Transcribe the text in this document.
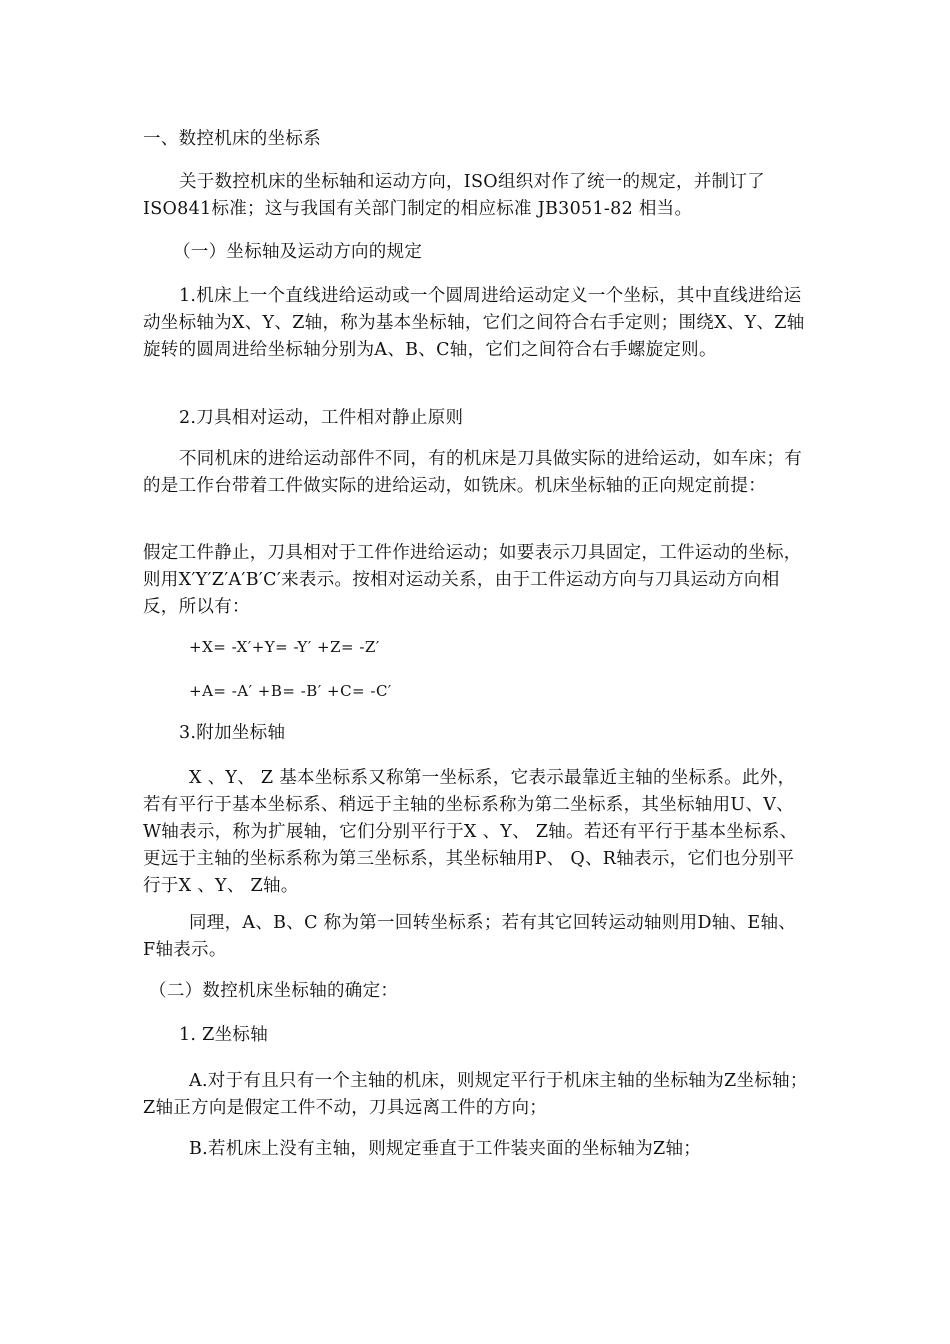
一、数控机床的坐标系

关于数控机床的坐标轴和运动方向，ISO组织对作了统一的规定，并制订了ISO841标准；这与我国有关部门制定的相应标准 JB3051-82 相当。

（一）坐标轴及运动方向的规定

1.机床上一个直线进给运动或一个圆周进给运动定义一个坐标，其中直线进给运动坐标轴为X、Y、Z轴，称为基本坐标轴，它们之间符合右手定则；围绕X、Y、Z轴旋转的圆周进给坐标轴分别为A、B、C轴，它们之间符合右手螺旋定则。

2.刀具相对运动，工件相对静止原则

不同机床的进给运动部件不同，有的机床是刀具做实际的进给运动，如车床；有的是工作台带着工件做实际的进给运动，如铣床。机床坐标轴的正向规定前提：

假定工件静止，刀具相对于工件作进给运动；如要表示刀具固定，工件运动的坐标，则用X′Y′Z′A′B′C′来表示。按相对运动关系，由于工件运动方向与刀具运动方向相反，所以有：

+X= -X′+Y= -Y′ +Z= -Z′

+A= -A′ +B= -B′ +C= -C′

3.附加坐标轴

X 、Y、 Z 基本坐标系又称第一坐标系，它表示最靠近主轴的坐标系。此外，若有平行于基本坐标系、稍远于主轴的坐标系称为第二坐标系，其坐标轴用U、V、W轴表示，称为扩展轴，它们分别平行于X 、Y、 Z轴。若还有平行于基本坐标系、更远于主轴的坐标系称为第三坐标系，其坐标轴用P、 Q、R轴表示，它们也分别平行于X 、Y、 Z轴。

同理，A、B、C 称为第一回转坐标系；若有其它回转运动轴则用D轴、E轴、F轴表示。

（二）数控机床坐标轴的确定：

1. Z坐标轴

A.对于有且只有一个主轴的机床，则规定平行于机床主轴的坐标轴为Z坐标轴；Z轴正方向是假定工件不动，刀具远离工件的方向；

B.若机床上没有主轴，则规定垂直于工件装夹面的坐标轴为Z轴；
